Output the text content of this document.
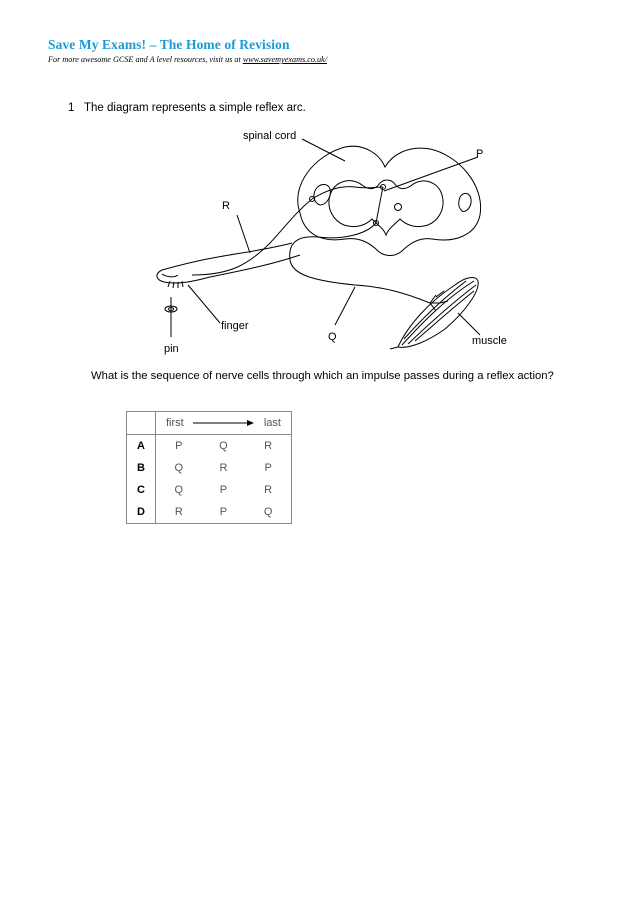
Save My Exams! – The Home of Revision
For more awesome GCSE and A level resources, visit us at www.savemyexams.co.uk/
1 The diagram represents a simple reflex arc.
spinal cord
P
R
finger
Q	muscle
pin
What is the sequence of nerve cells through which an impulse passes during a reflex action?
	first last		
A	P	Q	R
B	Q	R	P
C	Q	P	R
D	R	P	Q
